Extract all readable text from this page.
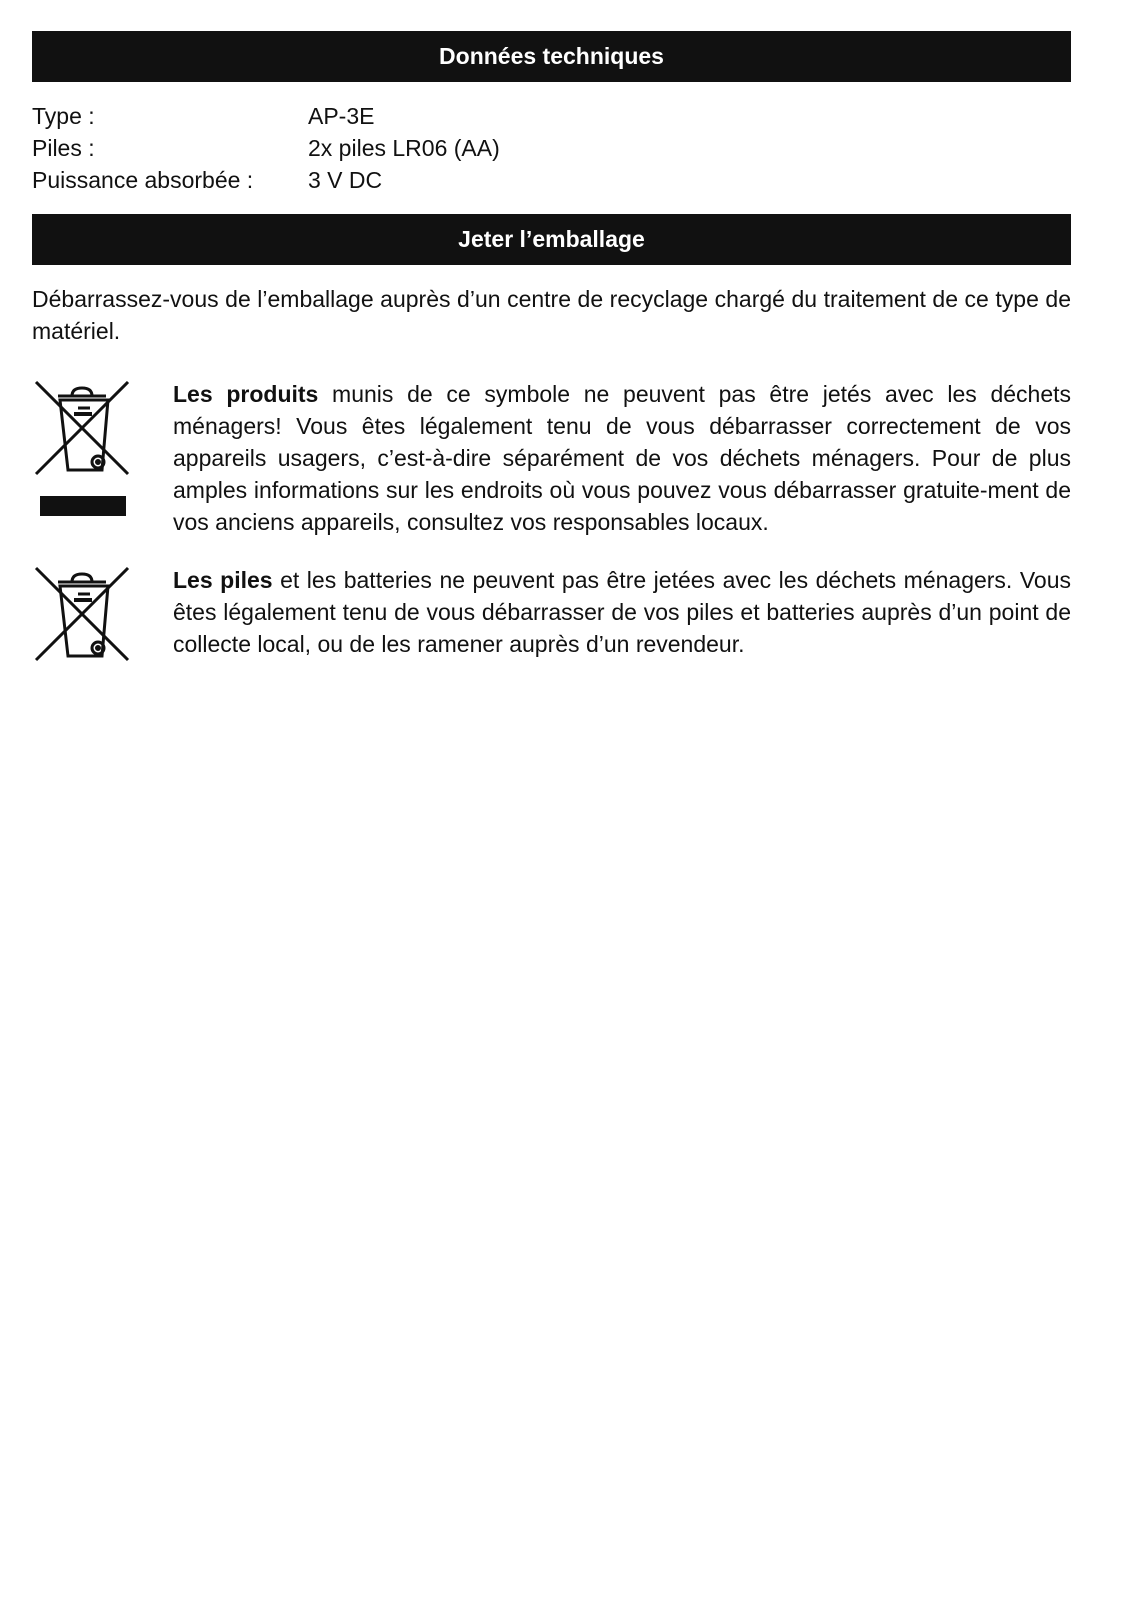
Données techniques
Type :	AP-3E
Piles :	2x piles LR06 (AA)
Puissance absorbée :	3 V DC
Jeter l’emballage

Débarrassez-vous de l’emballage auprès d’un centre de recyclage chargé du traitement de ce type de matériel.

Les produits munis de ce symbole ne peuvent pas être jetés avec les déchets ménagers! Vous êtes légalement tenu de vous débarrasser correctement de vos appareils usagers, c’est-à-dire séparément de vos déchets ménagers. Pour de plus amples informations sur les endroits où vous pouvez vous débarrasser gratuite-ment de vos anciens appareils, consultez vos responsables locaux.

Les piles et les batteries ne peuvent pas être jetées avec les déchets ménagers. Vous êtes légalement tenu de vous débarrasser de vos piles et batteries auprès d’un point de collecte local, ou de les ramener auprès d’un revendeur.
